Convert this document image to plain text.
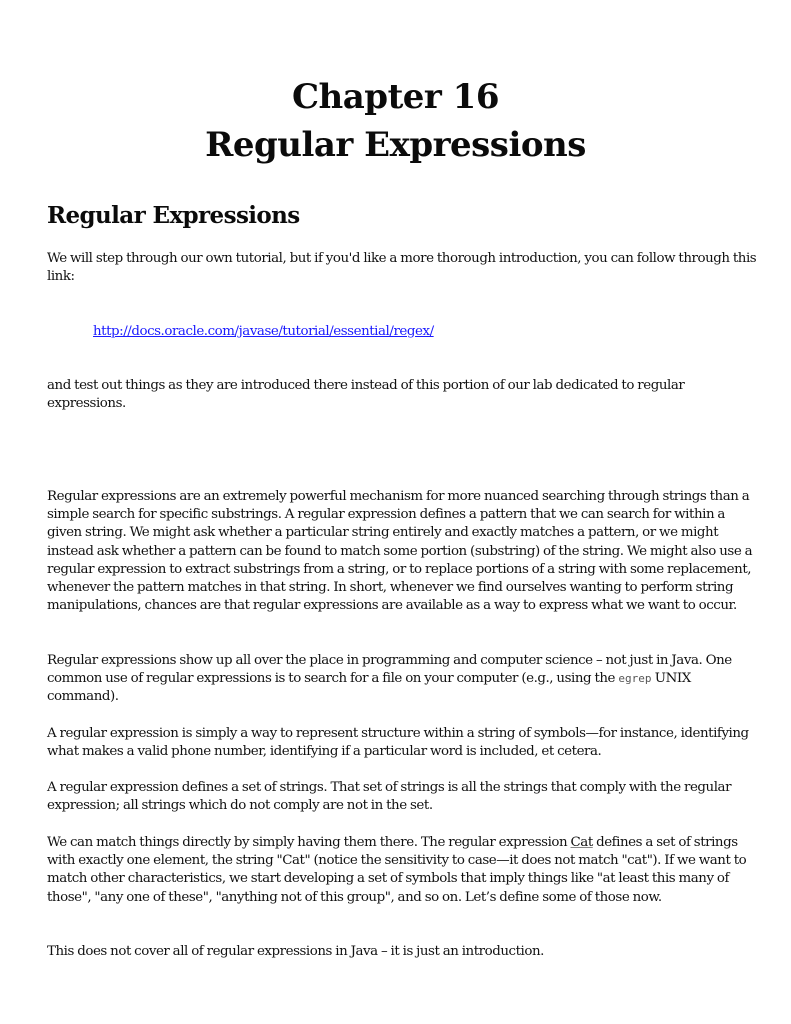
Chapter 16
Regular Expressions
Regular Expressions

We will step through our own tutorial, but if you'd like a more thorough introduction, you can follow through this link:

http://docs.oracle.com/javase/tutorial/essential/regex/

and test out things as they are introduced there instead of this portion of our lab dedicated to regular expressions.

Regular expressions are an extremely powerful mechanism for more nuanced searching through strings than a simple search for specific substrings. A regular expression defines a pattern that we can search for within a given string. We might ask whether a particular string entirely and exactly matches a pattern, or we might instead ask whether a pattern can be found to match some portion (substring) of the string. We might also use a regular expression to extract substrings from a string, or to replace portions of a string with some replacement, whenever the pattern matches in that string. In short, whenever we find ourselves wanting to perform string manipulations, chances are that regular expressions are available as a way to express what we want to occur.

Regular expressions show up all over the place in programming and computer science – not just in Java. One common use of regular expressions is to search for a file on your computer (e.g., using the egrep UNIX command).

A regular expression is simply a way to represent structure within a string of symbols—for instance, identifying what makes a valid phone number, identifying if a particular word is included, et cetera.

A regular expression defines a set of strings. That set of strings is all the strings that comply with the regular expression; all strings which do not comply are not in the set.

We can match things directly by simply having them there. The regular expression Cat defines a set of strings with exactly one element, the string "Cat" (notice the sensitivity to case—it does not match "cat"). If we want to match other characteristics, we start developing a set of symbols that imply things like "at least this many of those", "any one of these", "anything not of this group", and so on. Let’s define some of those now.

This does not cover all of regular expressions in Java – it is just an introduction.
